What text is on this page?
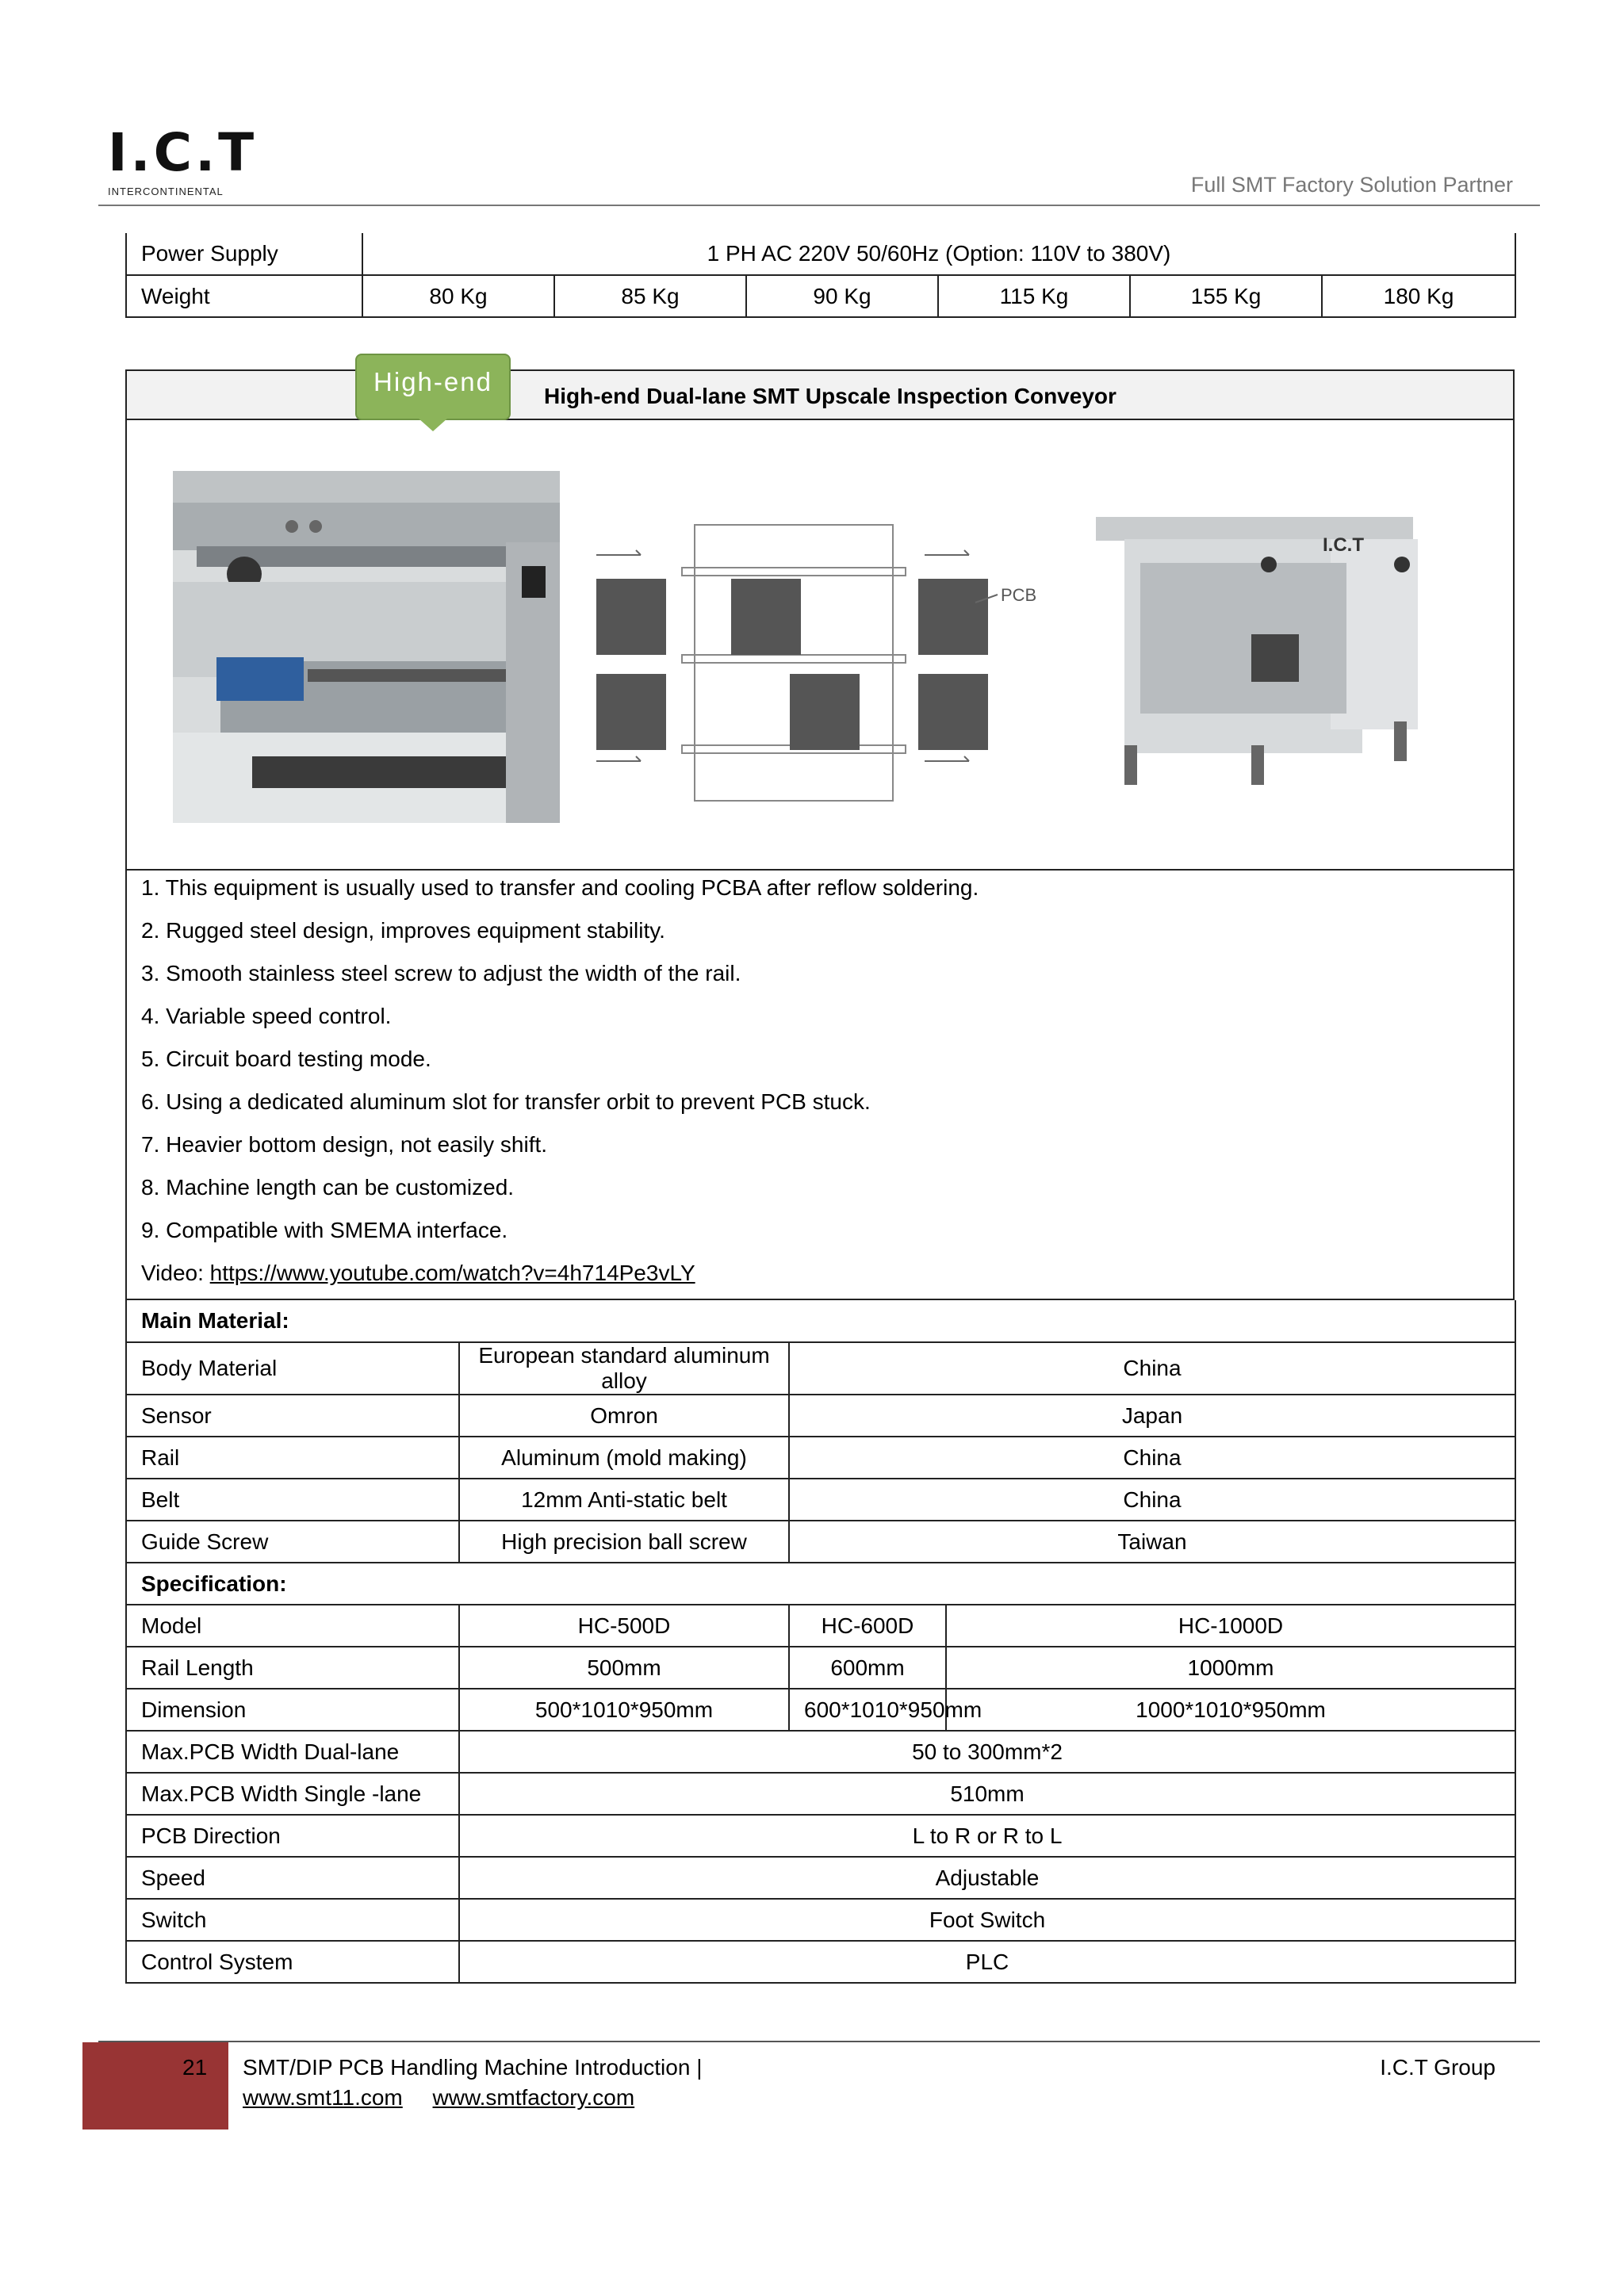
I.C.T
INTERCONTINENTAL	Full SMT Factory Solution Partner
Power Supply	1 PH AC 220V 50/60Hz (Option: 110V to 380V)					
Weight	80 Kg	85 Kg	90 Kg	115 Kg	155 Kg	180 Kg
High-end	High-end Dual-lane SMT Upscale Inspection Conveyor
PCB
I.C.T
1. This equipment is usually used to transfer and cooling PCBA after reflow soldering.
2. Rugged steel design, improves equipment stability.
3. Smooth stainless steel screw to adjust the width of the rail.
4. Variable speed control.
5. Circuit board testing mode.
6. Using a dedicated aluminum slot for transfer orbit to prevent PCB stuck.
7. Heavier bottom design, not easily shift.
8. Machine length can be customized.
9. Compatible with SMEMA interface.
Video: https://www.youtube.com/watch?v=4h714Pe3vLY
Main Material:			
Body Material	European standard aluminum alloy	China	
Sensor	Omron	Japan	
Rail	Aluminum (mold making)	China	
Belt	12mm Anti-static belt	China	
Guide Screw	High precision ball screw	Taiwan	
Specification:			
Model	HC-500D	HC-600D	HC-1000D
Rail Length	500mm	600mm	1000mm
Dimension	500*1010*950mm	600*1010*950mm	1000*1010*950mm
Max.PCB Width Dual-lane	50 to 300mm*2		
Max.PCB Width Single -lane	510mm		
PCB Direction	L to R or R to L		
Speed	Adjustable		
Switch	Foot Switch		
Control System	PLC		
21 SMT/DIP PCB Handling Machine Introduction |
www.smt11.com www.smtfactory.com
I.C.T Group
